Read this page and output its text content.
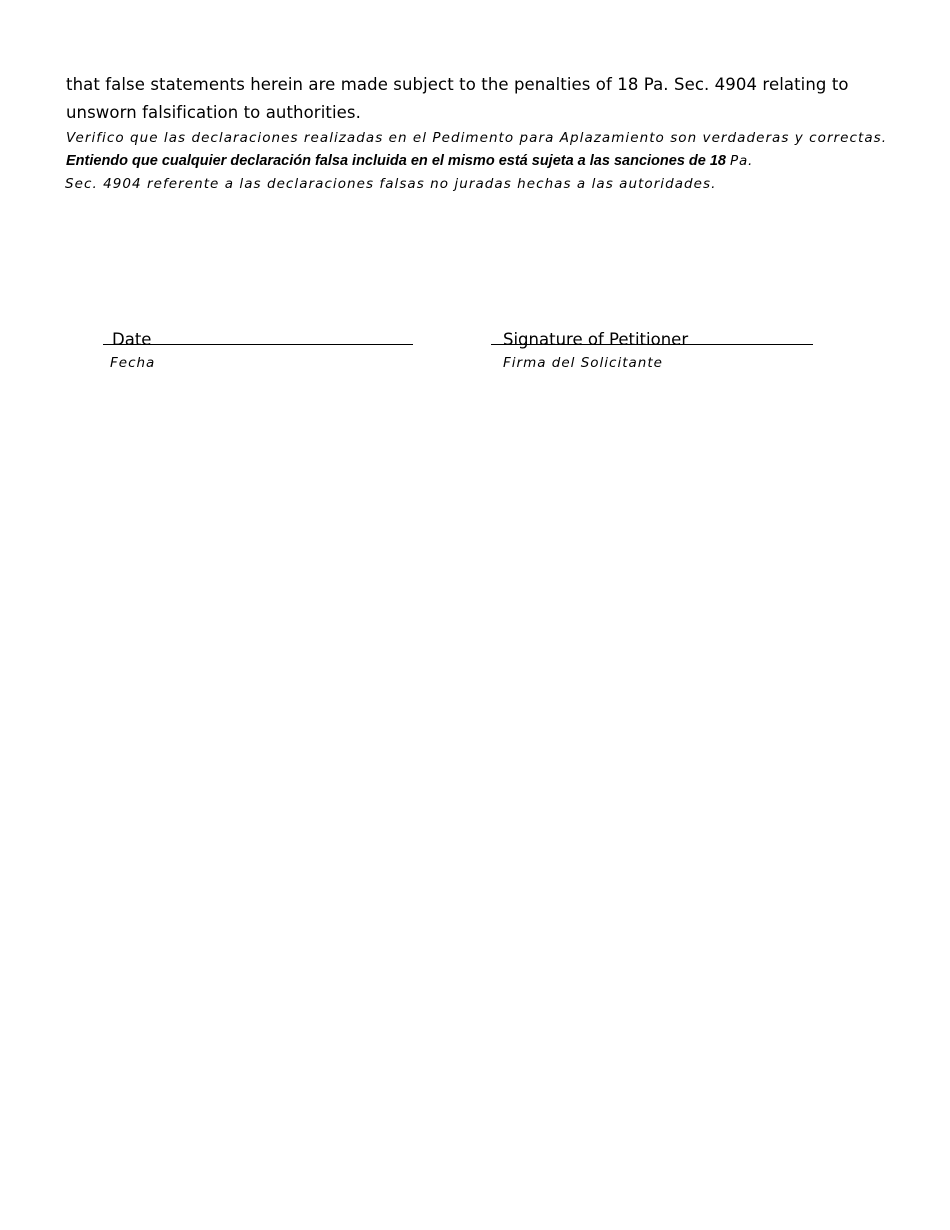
that false statements herein are made subject to the penalties of 18 Pa. Sec. 4904 relating to
unsworn falsification to authorities.
Verifico que las declaraciones realizadas en el Pedimento para Aplazamiento son verdaderas y correctas.
Entiendo que cualquier declaración falsa incluida en el mismo está sujeta a las sanciones de 18 Pa.
Sec. 4904 referente a las declaraciones falsas no juradas hechas a las autoridades.
Date
Fecha
Signature of Petitioner
Firma del Solicitante
